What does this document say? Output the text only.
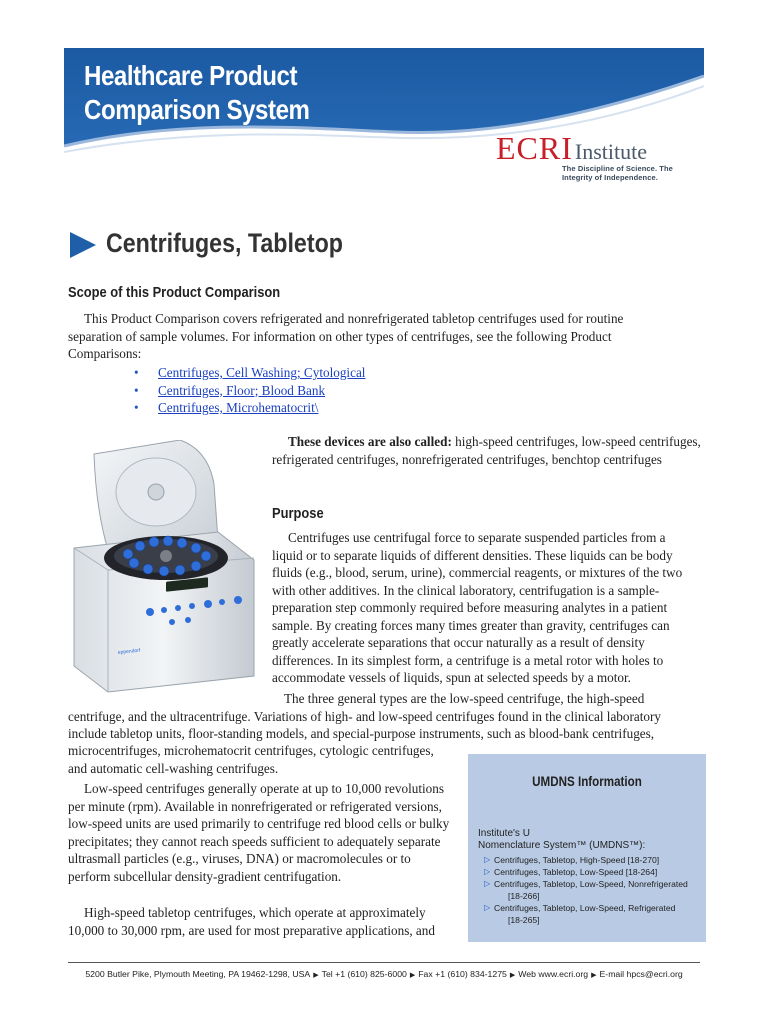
Healthcare Product
Comparison System
ECRIInstitute
The Discipline of Science. The Integrity of Independence.
Centrifuges, Tabletop
Scope of this Product Comparison

This Product Comparison covers refrigerated and nonrefrigerated tabletop centrifuges used for routine separation of sample volumes. For information on other types of centrifuges, see the following Product Comparisons:

• Centrifuges, Cell Washing; Cytological
• Centrifuges, Floor; Blood Bank
• Centrifuges, Microhematocrit\
eppendorf

These devices are also called: high-speed centrifuges, low-speed centrifuges, refrigerated centrifuges, nonrefrigerated centrifuges, benchtop centrifuges

Purpose

Centrifuges use centrifugal force to separate suspended particles from a liquid or to separate liquids of different densities. These liquids can be body fluids (e.g., blood, serum, urine), commercial reagents, or mixtures of the two with other additives. In the clinical laboratory, centrifugation is a sample-preparation step commonly required before measuring analytes in a patient sample. By creating forces many times greater than gravity, centrifuges can greatly accelerate separations that occur naturally as a result of density differences. In its simplest form, a centrifuge is a metal rotor with holes to accommodate vessels of liquids, spun at selected speeds by a motor.

The three general types are the low-speed centrifuge, the high-speed centrifuge, and the ultracentrifuge. Variations of high- and low-speed centrifuges found in the clinical laboratory include tabletop units, floor-standing models, and special-purpose instruments, such as blood-bank centrifuges,

microcentrifuges, microhematocrit centrifuges, cytologic centrifuges, and automatic cell-washing centrifuges.

Low-speed centrifuges generally operate at up to 10,000 revolutions per minute (rpm). Available in nonrefrigerated or refrigerated versions, low-speed units are used primarily to centrifuge red blood cells or bulky precipitates; they cannot reach speeds sufficient to adequately separate ultrasmall particles (e.g., viruses, DNA) or macromolecules or to perform subcellular density-gradient centrifugation.

High-speed tabletop centrifuges, which operate at approximately 10,000 to 30,000 rpm, are used for most preparative applications, and

UMDNS Information

Institute's U
Nomenclature System™ (UMDNS™):

▷ Centrifuges, Tabletop, High-Speed [18-270]
▷ Centrifuges, Tabletop, Low-Speed [18-264]
▷ Centrifuges, Tabletop, Low-Speed, Nonrefrigerated
[18-266]
▷ Centrifuges, Tabletop, Low-Speed, Refrigerated
[18-265]
5200 Butler Pike, Plymouth Meeting, PA 19462-1298, USA ▶ Tel +1 (610) 825-6000 ▶ Fax +1 (610) 834-1275 ▶ Web www.ecri.org ▶ E-mail hpcs@ecri.org
